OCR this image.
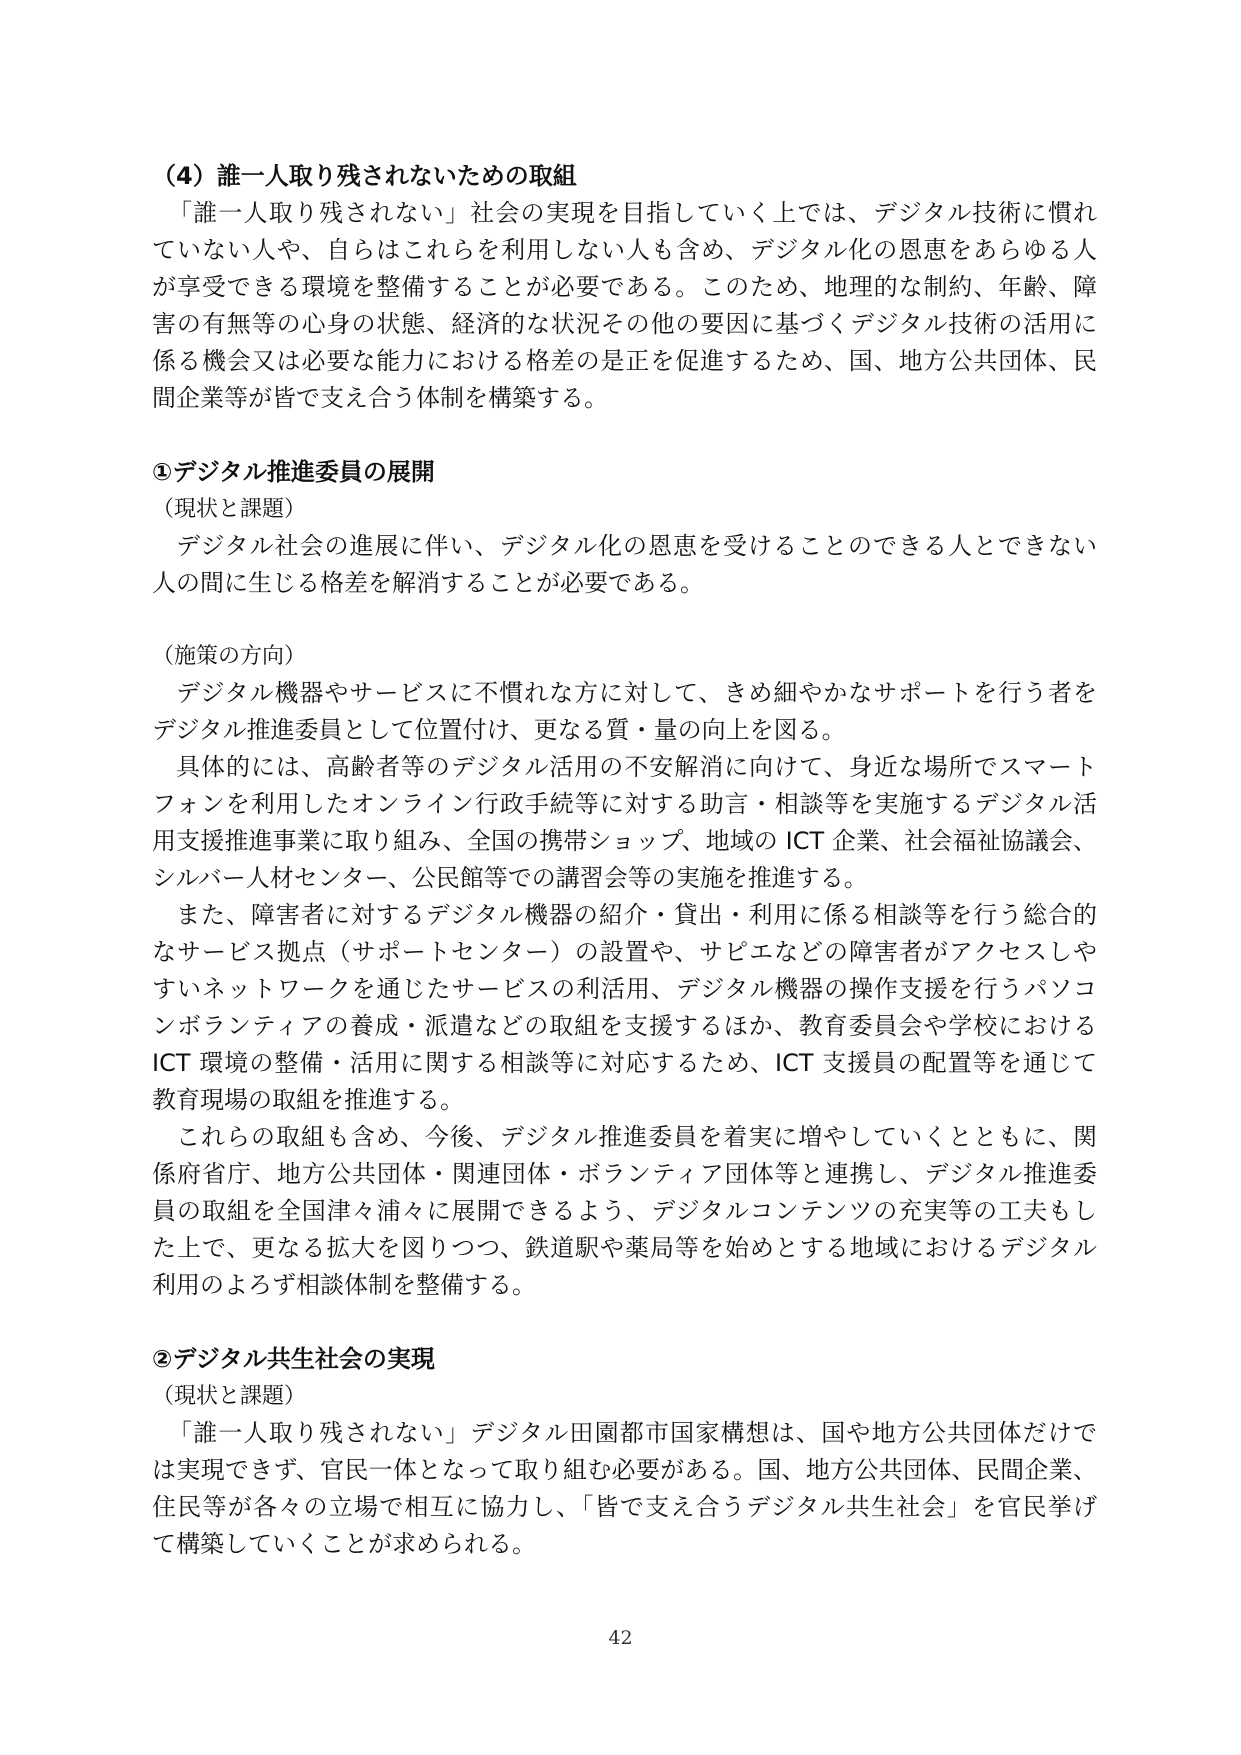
（4）誰一人取り残されないための取組
「誰一人取り残されない」社会の実現を目指していく上では、デジタル技術に慣れ
ていない人や、自らはこれらを利用しない人も含め、デジタル化の恩恵をあらゆる人
が享受できる環境を整備することが必要である。このため、地理的な制約、年齢、障
害の有無等の心身の状態、経済的な状況その他の要因に基づくデジタル技術の活用に
係る機会又は必要な能力における格差の是正を促進するため、国、地方公共団体、民
間企業等が皆で支え合う体制を構築する。
①デジタル推進委員の展開
（現状と課題）
デジタル社会の進展に伴い、デジタル化の恩恵を受けることのできる人とできない
人の間に生じる格差を解消することが必要である。
（施策の方向）
デジタル機器やサービスに不慣れな方に対して、きめ細やかなサポートを行う者を
デジタル推進委員として位置付け、更なる質・量の向上を図る。
具体的には、高齢者等のデジタル活用の不安解消に向けて、身近な場所でスマート
フォンを利用したオンライン行政手続等に対する助言・相談等を実施するデジタル活
用支援推進事業に取り組み、全国の携帯ショップ、地域の ICT 企業、社会福祉協議会、
シルバー人材センター、公民館等での講習会等の実施を推進する。
また、障害者に対するデジタル機器の紹介・貸出・利用に係る相談等を行う総合的
なサービス拠点（サポートセンター）の設置や、サピエなどの障害者がアクセスしや
すいネットワークを通じたサービスの利活用、デジタル機器の操作支援を行うパソコ
ンボランティアの養成・派遣などの取組を支援するほか、教育委員会や学校における
ICT 環境の整備・活用に関する相談等に対応するため、ICT 支援員の配置等を通じて
教育現場の取組を推進する。
これらの取組も含め、今後、デジタル推進委員を着実に増やしていくとともに、関
係府省庁、地方公共団体・関連団体・ボランティア団体等と連携し、デジタル推進委
員の取組を全国津々浦々に展開できるよう、デジタルコンテンツの充実等の工夫もし
た上で、更なる拡大を図りつつ、鉄道駅や薬局等を始めとする地域におけるデジタル
利用のよろず相談体制を整備する。
②デジタル共生社会の実現
（現状と課題）
「誰一人取り残されない」デジタル田園都市国家構想は、国や地方公共団体だけで
は実現できず、官民一体となって取り組む必要がある。国、地方公共団体、民間企業、
住民等が各々の立場で相互に協力し、「皆で支え合うデジタル共生社会」を官民挙げ
て構築していくことが求められる。
42
